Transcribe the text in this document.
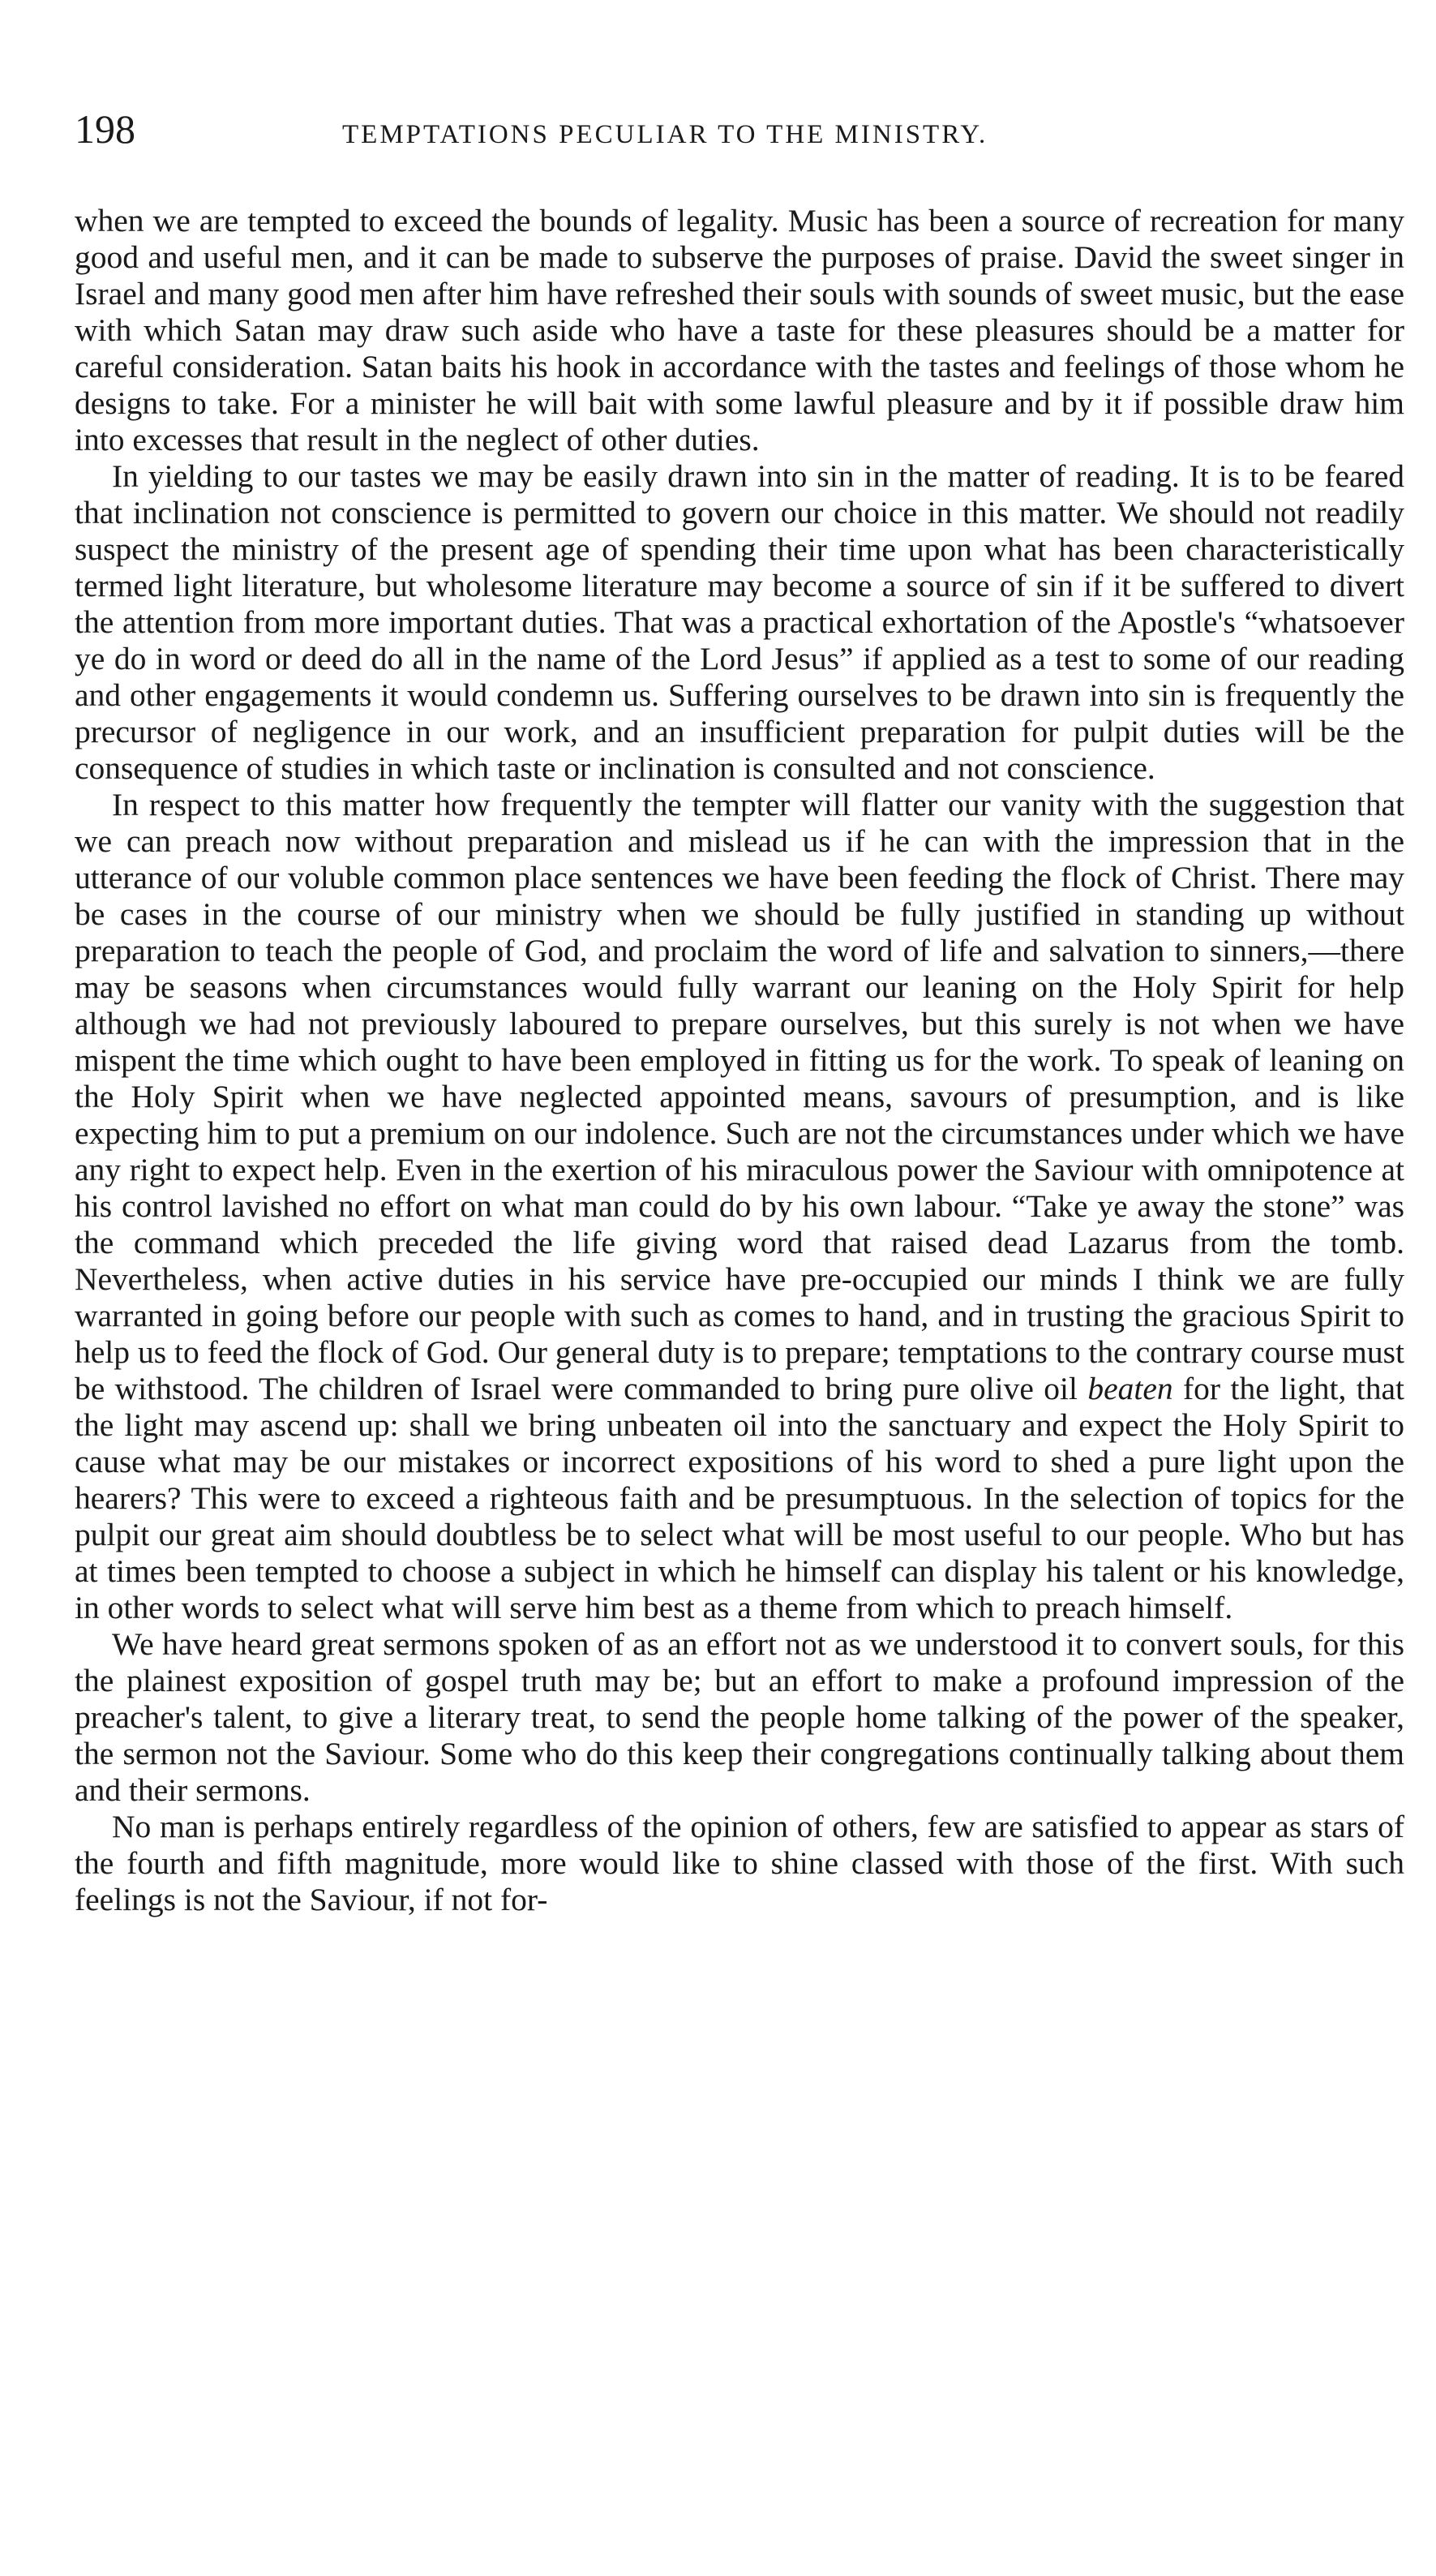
198	TEMPTATIONS PECULIAR TO THE MINISTRY.

when we are tempted to exceed the bounds of legality. Music has been a source of recreation for many good and useful men, and it can be made to subserve the purposes of praise. David the sweet singer in Israel and many good men after him have refreshed their souls with sounds of sweet music, but the ease with which Satan may draw such aside who have a taste for these pleasures should be a matter for careful consideration. Satan baits his hook in accordance with the tastes and feelings of those whom he designs to take. For a minister he will bait with some lawful pleasure and by it if possible draw him into excesses that result in the neglect of other duties.

In yielding to our tastes we may be easily drawn into sin in the matter of reading. It is to be feared that inclination not conscience is permitted to govern our choice in this matter. We should not readily suspect the ministry of the present age of spending their time upon what has been characteristically termed light literature, but wholesome literature may become a source of sin if it be suffered to divert the attention from more important duties. That was a practical exhortation of the Apostle's “whatsoever ye do in word or deed do all in the name of the Lord Jesus” if applied as a test to some of our reading and other engagements it would condemn us. Suffering ourselves to be drawn into sin is frequently the precursor of negligence in our work, and an insufficient preparation for pulpit duties will be the consequence of studies in which taste or inclination is consulted and not conscience.

In respect to this matter how frequently the tempter will flatter our vanity with the suggestion that we can preach now without preparation and mislead us if he can with the impression that in the utterance of our voluble common place sentences we have been feeding the flock of Christ. There may be cases in the course of our ministry when we should be fully justified in standing up without preparation to teach the people of God, and proclaim the word of life and salvation to sinners,—there may be seasons when circumstances would fully warrant our leaning on the Holy Spirit for help although we had not previously laboured to prepare ourselves, but this surely is not when we have mispent the time which ought to have been employed in fitting us for the work. To speak of leaning on the Holy Spirit when we have neglected appointed means, savours of presumption, and is like expecting him to put a premium on our indolence. Such are not the circumstances under which we have any right to expect help. Even in the exertion of his miraculous power the Saviour with omnipotence at his control lavished no effort on what man could do by his own labour. “Take ye away the stone” was the command which preceded the life giving word that raised dead Lazarus from the tomb. Nevertheless, when active duties in his service have pre-occupied our minds I think we are fully warranted in going before our people with such as comes to hand, and in trusting the gracious Spirit to help us to feed the flock of God. Our general duty is to prepare; temptations to the contrary course must be withstood. The children of Israel were commanded to bring pure olive oil beaten for the light, that the light may ascend up: shall we bring unbeaten oil into the sanctuary and expect the Holy Spirit to cause what may be our mistakes or incorrect expositions of his word to shed a pure light upon the hearers? This were to exceed a righteous faith and be presumptuous. In the selection of topics for the pulpit our great aim should doubtless be to select what will be most useful to our people. Who but has at times been tempted to choose a subject in which he himself can display his talent or his knowledge, in other words to select what will serve him best as a theme from which to preach himself.

We have heard great sermons spoken of as an effort not as we understood it to convert souls, for this the plainest exposition of gospel truth may be; but an effort to make a profound impression of the preacher's talent, to give a literary treat, to send the people home talking of the power of the speaker, the sermon not the Saviour. Some who do this keep their congregations continually talking about them and their sermons.

No man is perhaps entirely regardless of the opinion of others, few are satisfied to appear as stars of the fourth and fifth magnitude, more would like to shine classed with those of the first. With such feelings is not the Saviour, if not for-
